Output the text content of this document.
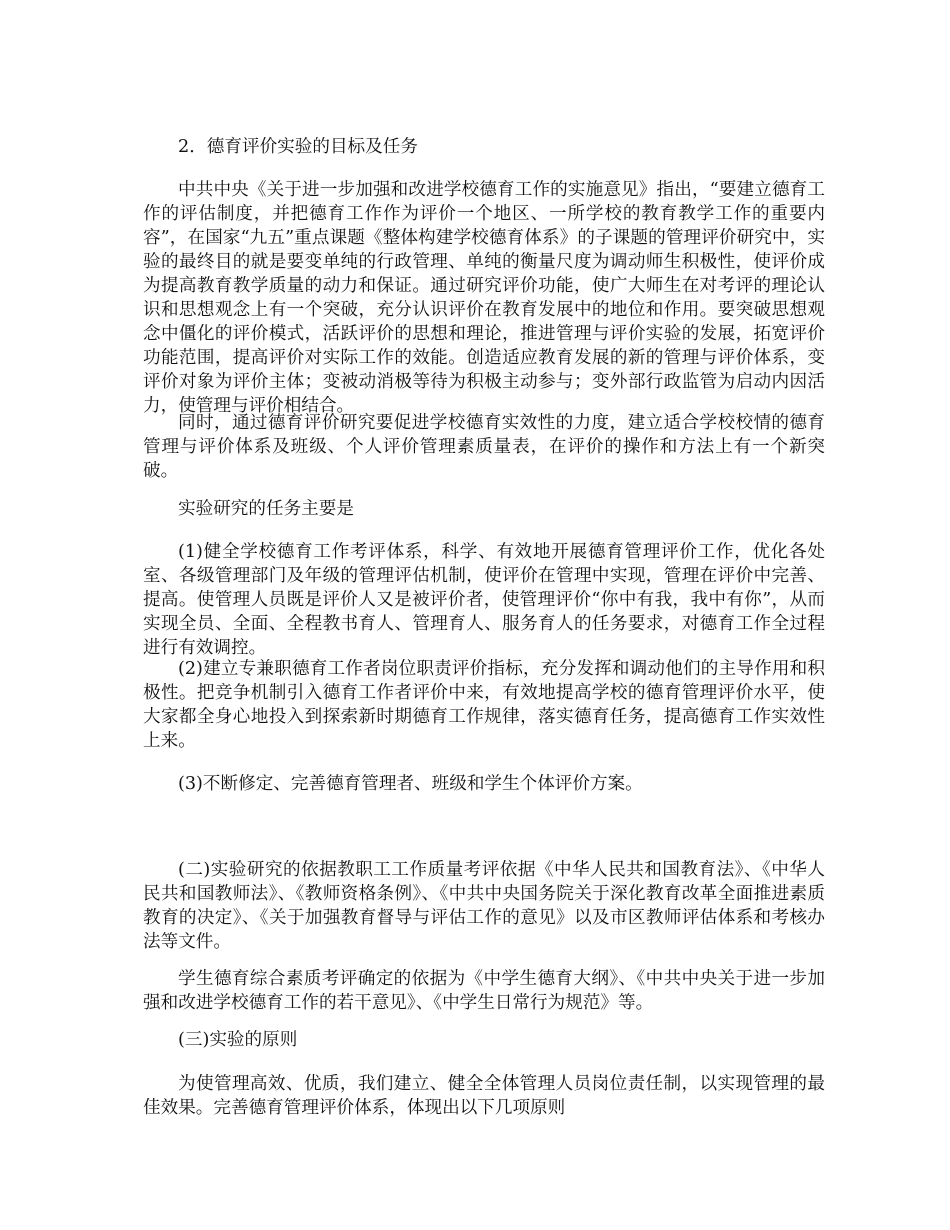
2．德育评价实验的目标及任务

中共中央《关于进一步加强和改进学校德育工作的实施意见》指出，“要建立德育工作的评估制度，并把德育工作作为评价一个地区、一所学校的教育教学工作的重要内容”，在国家“九五”重点课题《整体构建学校德育体系》的子课题的管理评价研究中，实验的最终目的就是要变单纯的行政管理、单纯的衡量尺度为调动师生积极性，使评价成为提高教育教学质量的动力和保证。通过研究评价功能，使广大师生在对考评的理论认识和思想观念上有一个突破，充分认识评价在教育发展中的地位和作用。要突破思想观念中僵化的评价模式，活跃评价的思想和理论，推进管理与评价实验的发展，拓宽评价功能范围，提高评价对实际工作的效能。创造适应教育发展的新的管理与评价体系，变评价对象为评价主体；变被动消极等待为积极主动参与；变外部行政监管为启动内因活力，使管理与评价相结合。

同时，通过德育评价研究要促进学校德育实效性的力度，建立适合学校校情的德育管理与评价体系及班级、个人评价管理素质量表，在评价的操作和方法上有一个新突破。

实验研究的任务主要是

(1)健全学校德育工作考评体系，科学、有效地开展德育管理评价工作，优化各处室、各级管理部门及年级的管理评估机制，使评价在管理中实现，管理在评价中完善、提高。使管理人员既是评价人又是被评价者，使管理评价“你中有我，我中有你”，从而实现全员、全面、全程教书育人、管理育人、服务育人的任务要求，对德育工作全过程进行有效调控。

(2)建立专兼职德育工作者岗位职责评价指标，充分发挥和调动他们的主导作用和积极性。把竞争机制引入德育工作者评价中来，有效地提高学校的德育管理评价水平，使大家都全身心地投入到探索新时期德育工作规律，落实德育任务，提高德育工作实效性上来。

(3)不断修定、完善德育管理者、班级和学生个体评价方案。

(二)实验研究的依据教职工工作质量考评依据《中华人民共和国教育法》、《中华人民共和国教师法》、《教师资格条例》、《中共中央国务院关于深化教育改革全面推进素质教育的决定》、《关于加强教育督导与评估工作的意见》以及市区教师评估体系和考核办法等文件。

学生德育综合素质考评确定的依据为《中学生德育大纲》、《中共中央关于进一步加强和改进学校德育工作的若干意见》、《中学生日常行为规范》等。

(三)实验的原则

为使管理高效、优质，我们建立、健全全体管理人员岗位责任制，以实现管理的最佳效果。完善德育管理评价体系，体现出以下几项原则
